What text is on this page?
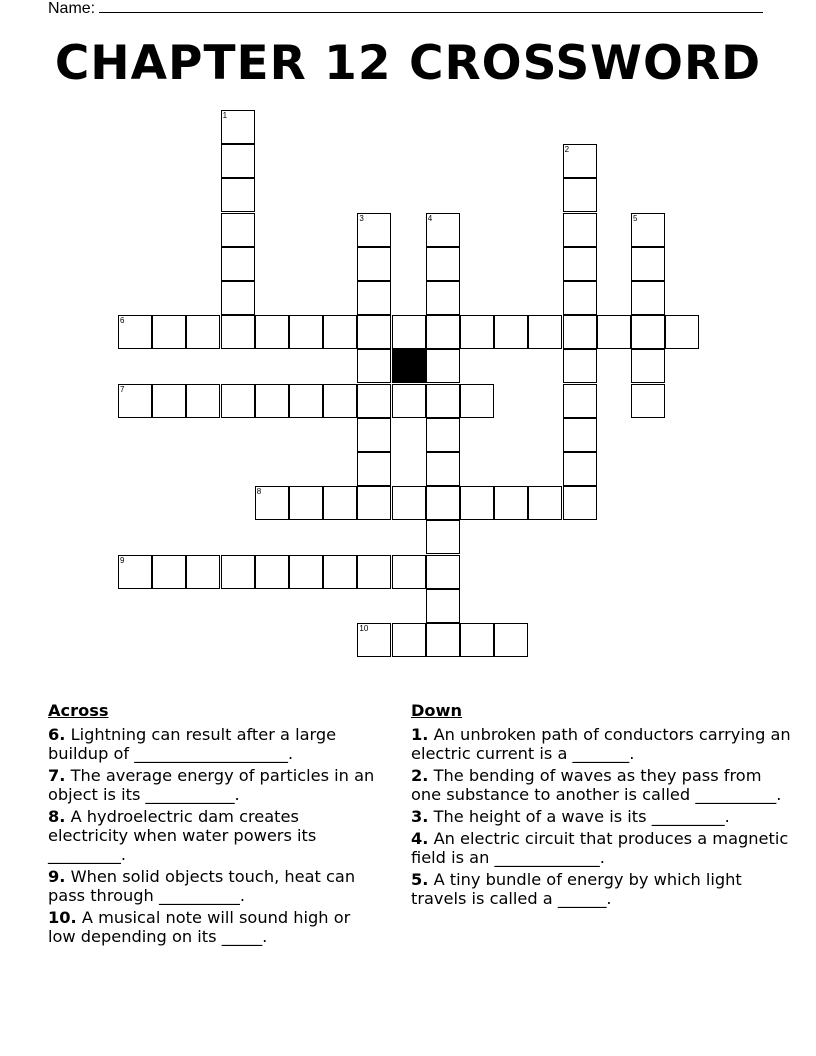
Name:
CHAPTER 12 CROSSWORD
1
2
3	4	5
6
7
8
9
10
Across
6. Lightning can result after a large buildup of ___________________.
7. The average energy of particles in an object is its ___________.
8. A hydroelectric dam creates electricity when water powers its _________.
9. When solid objects touch, heat can pass through __________.
10. A musical note will sound high or low depending on its _____.
Down
1. An unbroken path of conductors carrying an electric current is a _______.
2. The bending of waves as they pass from one substance to another is called __________.
3. The height of a wave is its _________.
4. An electric circuit that produces a magnetic field is an _____________.
5. A tiny bundle of energy by which light travels is called a ______.
